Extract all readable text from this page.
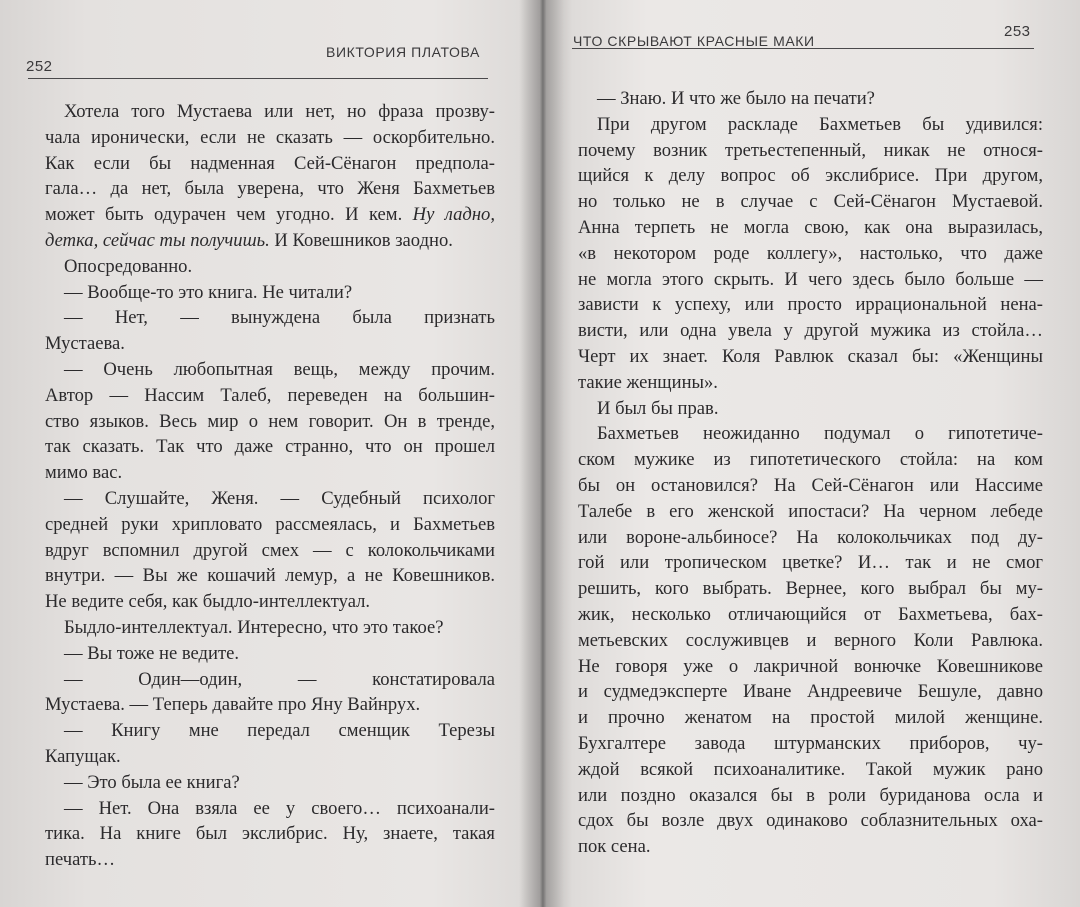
252
ВИКТОРИЯ ПЛАТОВА
Хотела того Мустаева или нет, но фраза прозву-
чала иронически, если не сказать — оскорбительно.
Как если бы надменная Сей-Сёнагон предпола-
гала… да нет, была уверена, что Женя Бахметьев
может быть одурачен чем угодно. И кем. Ну ладно,
детка, сейчас ты получишь. И Ковешников заодно.
Опосредованно.
— Вообще-то это книга. Не читали?
— Нет, — вынуждена была признать
Мустаева.
— Очень любопытная вещь, между прочим.
Автор — Нассим Талеб, переведен на большин-
ство языков. Весь мир о нем говорит. Он в тренде,
так сказать. Так что даже странно, что он прошел
мимо вас.
— Слушайте, Женя. — Судебный психолог
средней руки хрипловато рассмеялась, и Бахметьев
вдруг вспомнил другой смех — с колокольчиками
внутри. — Вы же кошачий лемур, а не Ковешников.
Не ведите себя, как быдло-интеллектуал.
Быдло-интеллектуал. Интересно, что это такое?
— Вы тоже не ведите.
— Один—один, — констатировала
Мустаева. — Теперь давайте про Яну Вайнрух.
— Книгу мне передал сменщик Терезы
Капущак.
— Это была ее книга?
— Нет. Она взяла ее у своего… психоанали-
тика. На книге был экслибрис. Ну, знаете, такая
печать…
ЧТО СКРЫВАЮТ КРАСНЫЕ МАКИ
253
— Знаю. И что же было на печати?
При другом раскладе Бахметьев бы удивился:
почему возник третьестепенный, никак не относя-
щийся к делу вопрос об экслибрисе. При другом,
но только не в случае с Сей-Сёнагон Мустаевой.
Анна терпеть не могла свою, как она выразилась,
«в некотором роде коллегу», настолько, что даже
не могла этого скрыть. И чего здесь было больше —
зависти к успеху, или просто иррациональной нена-
висти, или одна увела у другой мужика из стойла…
Черт их знает. Коля Равлюк сказал бы: «Женщины
такие женщины».
И был бы прав.
Бахметьев неожиданно подумал о гипотетиче-
ском мужике из гипотетического стойла: на ком
бы он остановился? На Сей-Сёнагон или Нассиме
Талебе в его женской ипостаси? На черном лебеде
или вороне-альбиносе? На колокольчиках под ду-
гой или тропическом цветке? И… так и не смог
решить, кого выбрать. Вернее, кого выбрал бы му-
жик, несколько отличающийся от Бахметьева, бах-
метьевских сослуживцев и верного Коли Равлюка.
Не говоря уже о лакричной вонючке Ковешникове
и судмедэксперте Иване Андреевиче Бешуле, давно
и прочно женатом на простой милой женщине.
Бухгалтере завода штурманских приборов, чу-
ждой всякой психоаналитике. Такой мужик рано
или поздно оказался бы в роли буриданова осла и
сдох бы возле двух одинаково соблазнительных оха-
пок сена.
